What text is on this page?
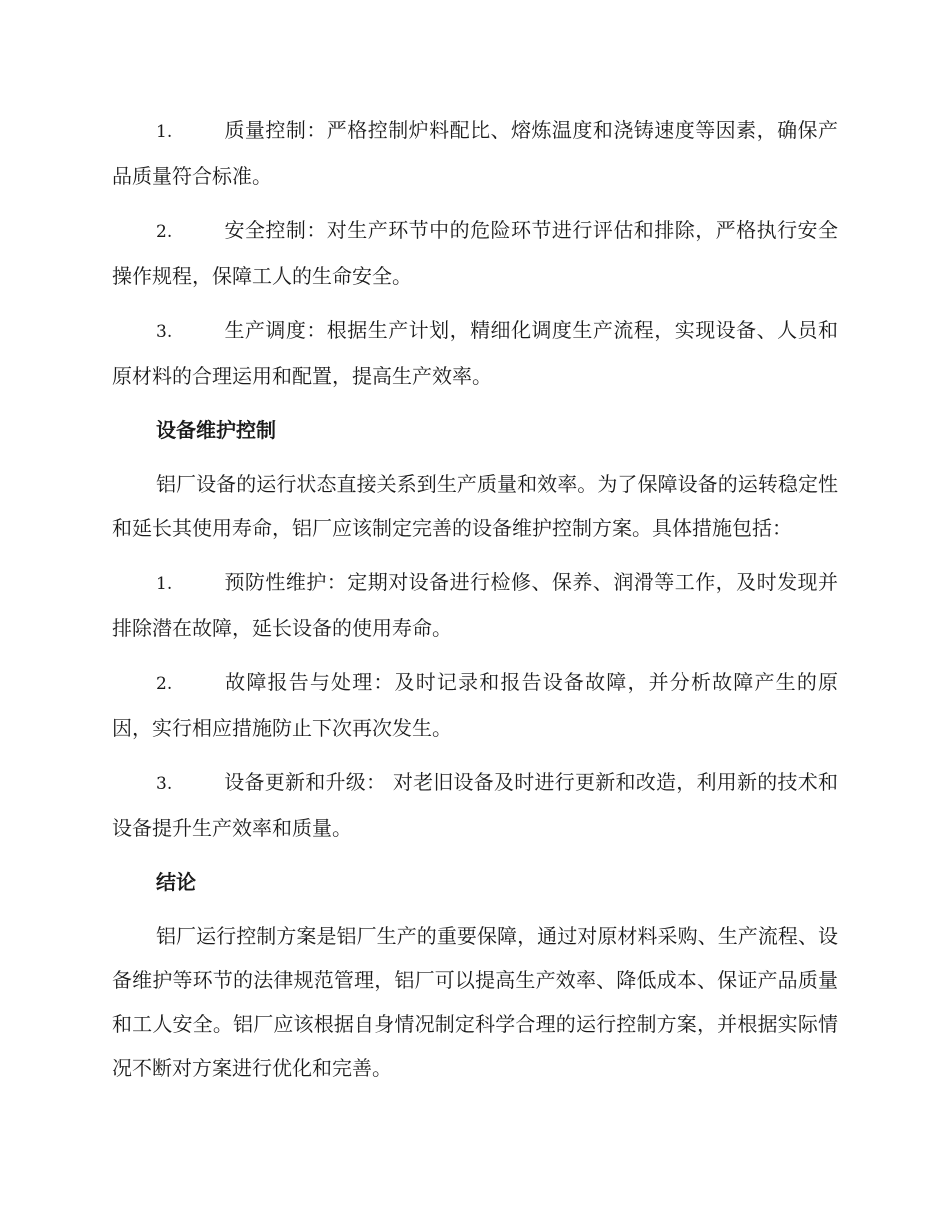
1.	质量控制：严格控制炉料配比、熔炼温度和浇铸速度等因素，确保产品质量符合标准。
2.	安全控制：对生产环节中的危险环节进行评估和排除，严格执行安全操作规程，保障工人的生命安全。
3.	生产调度：根据生产计划，精细化调度生产流程，实现设备、人员和原材料的合理运用和配置，提高生产效率。
设备维护控制

铝厂设备的运行状态直接关系到生产质量和效率。为了保障设备的运转稳定性和延长其使用寿命，铝厂应该制定完善的设备维护控制方案。具体措施包括：

1.	预防性维护：定期对设备进行检修、保养、润滑等工作，及时发现并排除潜在故障，延长设备的使用寿命。
2.	故障报告与处理：及时记录和报告设备故障，并分析故障产生的原因，实行相应措施防止下次再次发生。
3.	设备更新和升级： 对老旧设备及时进行更新和改造，利用新的技术和设备提升生产效率和质量。
结论

铝厂运行控制方案是铝厂生产的重要保障，通过对原材料采购、生产流程、设备维护等环节的法律规范管理，铝厂可以提高生产效率、降低成本、保证产品质量和工人安全。铝厂应该根据自身情况制定科学合理的运行控制方案，并根据实际情况不断对方案进行优化和完善。
